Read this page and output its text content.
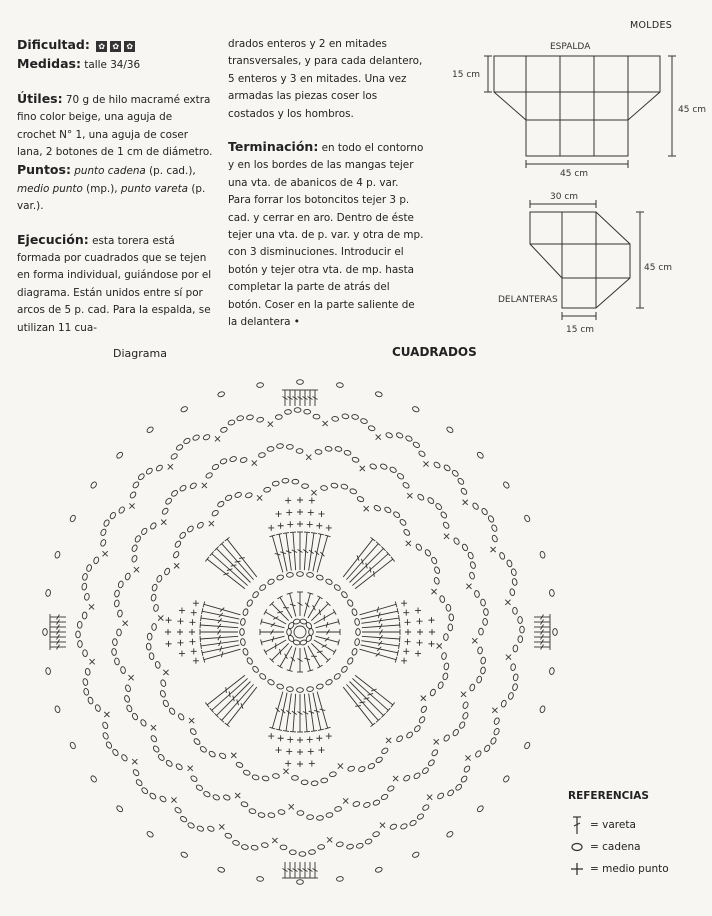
Dificultad: ✿ ✿ ✿

Medidas: talle 34/36

Útiles: 70 g de hilo macramé extra fino color beige, una aguja de crochet N° 1, una aguja de coser lana, 2 botones de 1 cm de diámetro.
Puntos: punto cadena (p. cad.), medio punto (mp.), punto vareta (p. var.).

Ejecución: esta torera está formada por cuadrados que se tejen en forma individual, guiándose por el diagrama. Están unidos entre sí por arcos de 5 p. cad. Para la espalda, se utilizan 11 cua-

drados enteros y 2 en mitades transversales, y para cada delantero, 5 enteros y 3 en mitades. Una vez armadas las piezas coser los costados y los hombros.

Terminación: en todo el contorno y en los bordes de las mangas tejer una vta. de abanicos de 4 p. var. Para forrar los botoncitos tejer 3 p. cad. y cerrar en aro. Dentro de éste tejer una vta. de p. var. y otra de mp. con 3 disminuciones. Introducir el botón y tejer otra vta. de mp. hasta completar la parte de atrás del botón. Coser en la parte saliente de la delantera •

MOLDES
ESPALDA
15 cm
45 cm
45 cm
30 cm
45 cm
DELANTERAS
15 cm
Diagrama	CUADRADOS
REFERENCIAS
= vareta
= cadena
= medio punto
